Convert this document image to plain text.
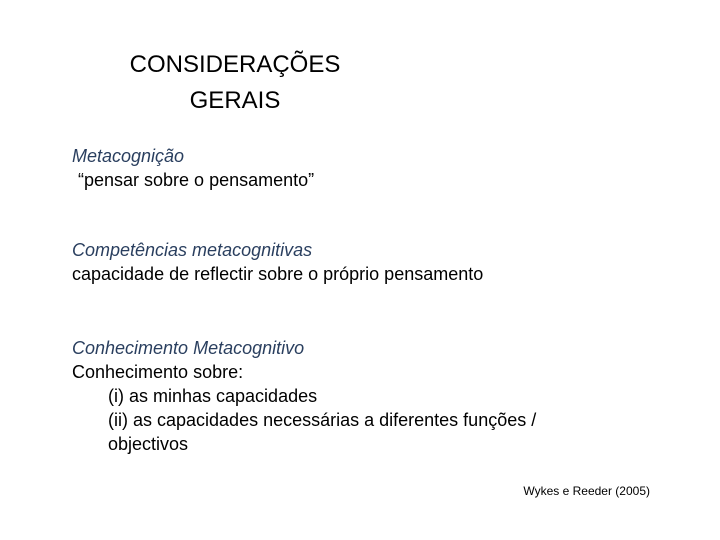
CONSIDERAÇÕES
GERAIS
Metacognição
“pensar sobre o pensamento”
Competências metacognitivas
capacidade de reflectir sobre o próprio pensamento
Conhecimento Metacognitivo
Conhecimento sobre:
(i) as minhas capacidades
(ii) as capacidades necessárias a diferentes funções / objectivos
Wykes e Reeder (2005)
